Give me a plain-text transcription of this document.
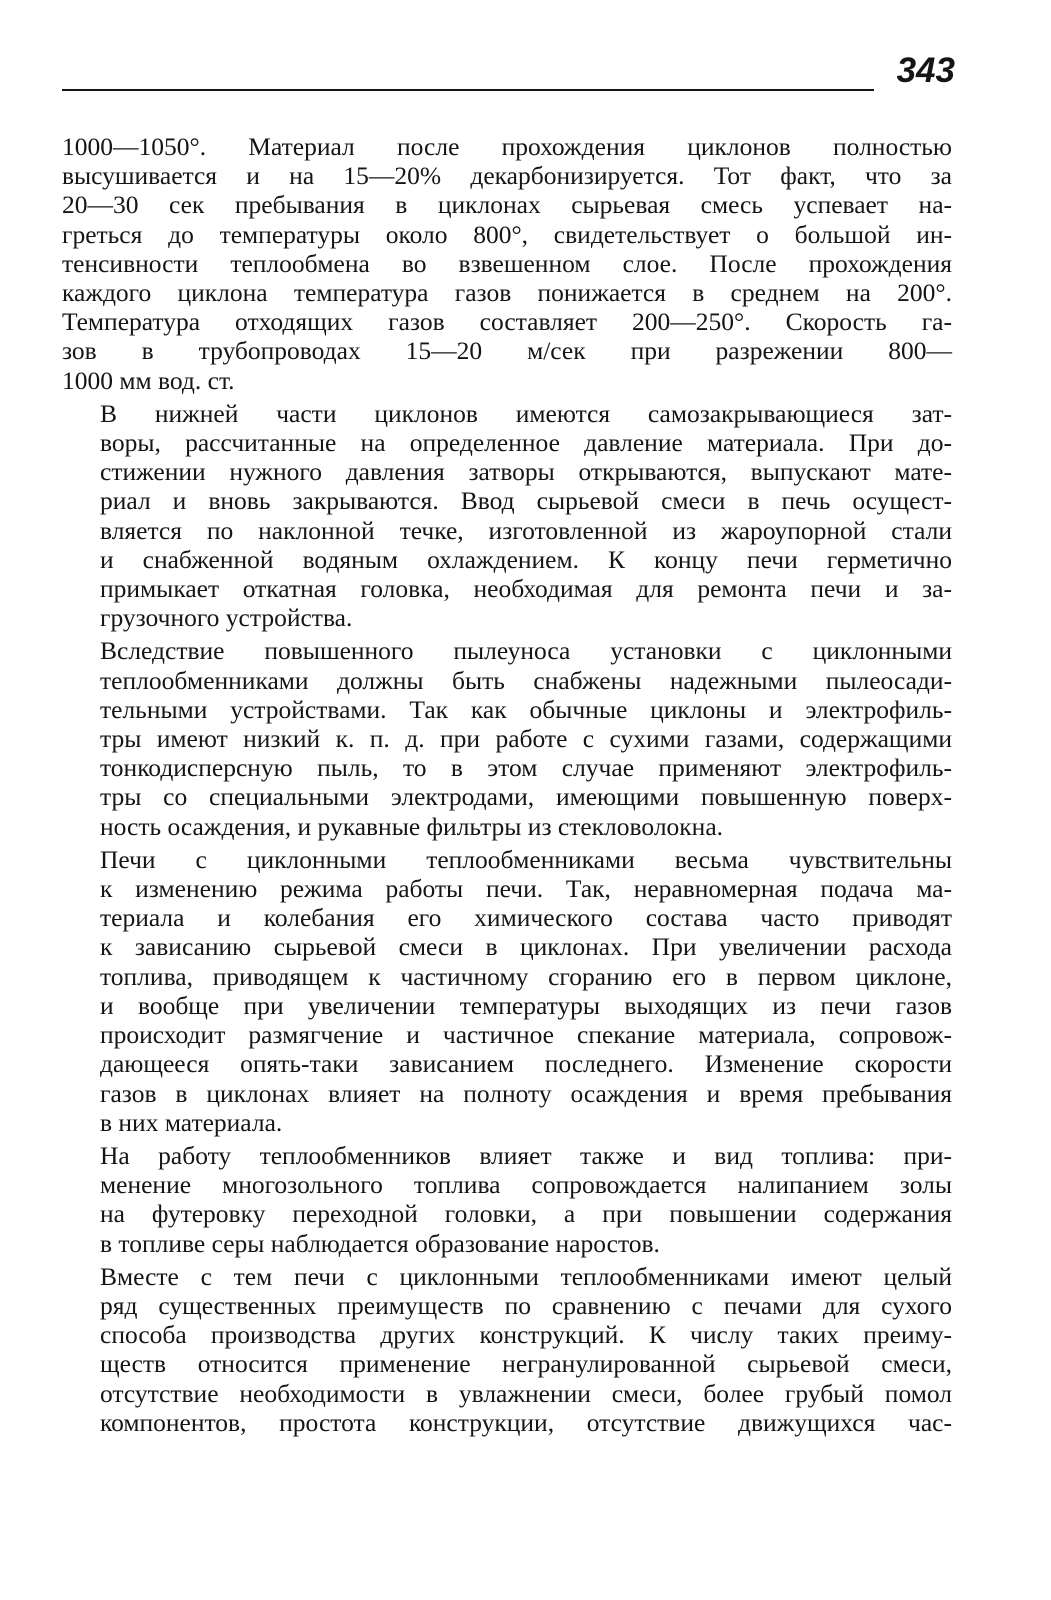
343
1000—1050°. Материал после прохождения циклонов полностью
высушивается и на 15—20% декарбонизируется. Тот факт, что за
20—30 сек пребывания в циклонах сырьевая смесь успевает на-
греться до температуры около 800°, свидетельствует о большой ин-
тенсивности теплообмена во взвешенном слое. После прохождения
каждого циклона температура газов понижается в среднем на 200°.
Температура отходящих газов составляет 200—250°. Скорость га-
зов в трубопроводах 15—20 м/сек при разрежении 800—
1000 мм вод. ст.
В нижней части циклонов имеются самозакрывающиеся зат-
воры, рассчитанные на определенное давление материала. При до-
стижении нужного давления затворы открываются, выпускают мате-
риал и вновь закрываются. Ввод сырьевой смеси в печь осущест-
вляется по наклонной течке, изготовленной из жароупорной стали
и снабженной водяным охлаждением. К концу печи герметично
примыкает откатная головка, необходимая для ремонта печи и за-
грузочного устройства.
Вследствие повышенного пылеуноса установки с циклонными
теплообменниками должны быть снабжены надежными пылеосади-
тельными устройствами. Так как обычные циклоны и электрофиль-
тры имеют низкий к. п. д. при работе с сухими газами, содержащими
тонкодисперсную пыль, то в этом случае применяют электрофиль-
тры со специальными электродами, имеющими повышенную поверх-
ность осаждения, и рукавные фильтры из стекловолокна.
Печи с циклонными теплообменниками весьма чувствительны
к изменению режима работы печи. Так, неравномерная подача ма-
териала и колебания его химического состава часто приводят
к зависанию сырьевой смеси в циклонах. При увеличении расхода
топлива, приводящем к частичному сгоранию его в первом циклоне,
и вообще при увеличении температуры выходящих из печи газов
происходит размягчение и частичное спекание материала, сопровож-
дающееся опять-таки зависанием последнего. Изменение скорости
газов в циклонах влияет на полноту осаждения и время пребывания
в них материала.
На работу теплообменников влияет также и вид топлива: при-
менение многозольного топлива сопровождается налипанием золы
на футеровку переходной головки, а при повышении содержания
в топливе серы наблюдается образование наростов.
Вместе с тем печи с циклонными теплообменниками имеют целый
ряд существенных преимуществ по сравнению с печами для сухого
способа производства других конструкций. К числу таких преиму-
ществ относится применение негранулированной сырьевой смеси,
отсутствие необходимости в увлажнении смеси, более грубый помол
компонентов, простота конструкции, отсутствие движущихся час-
